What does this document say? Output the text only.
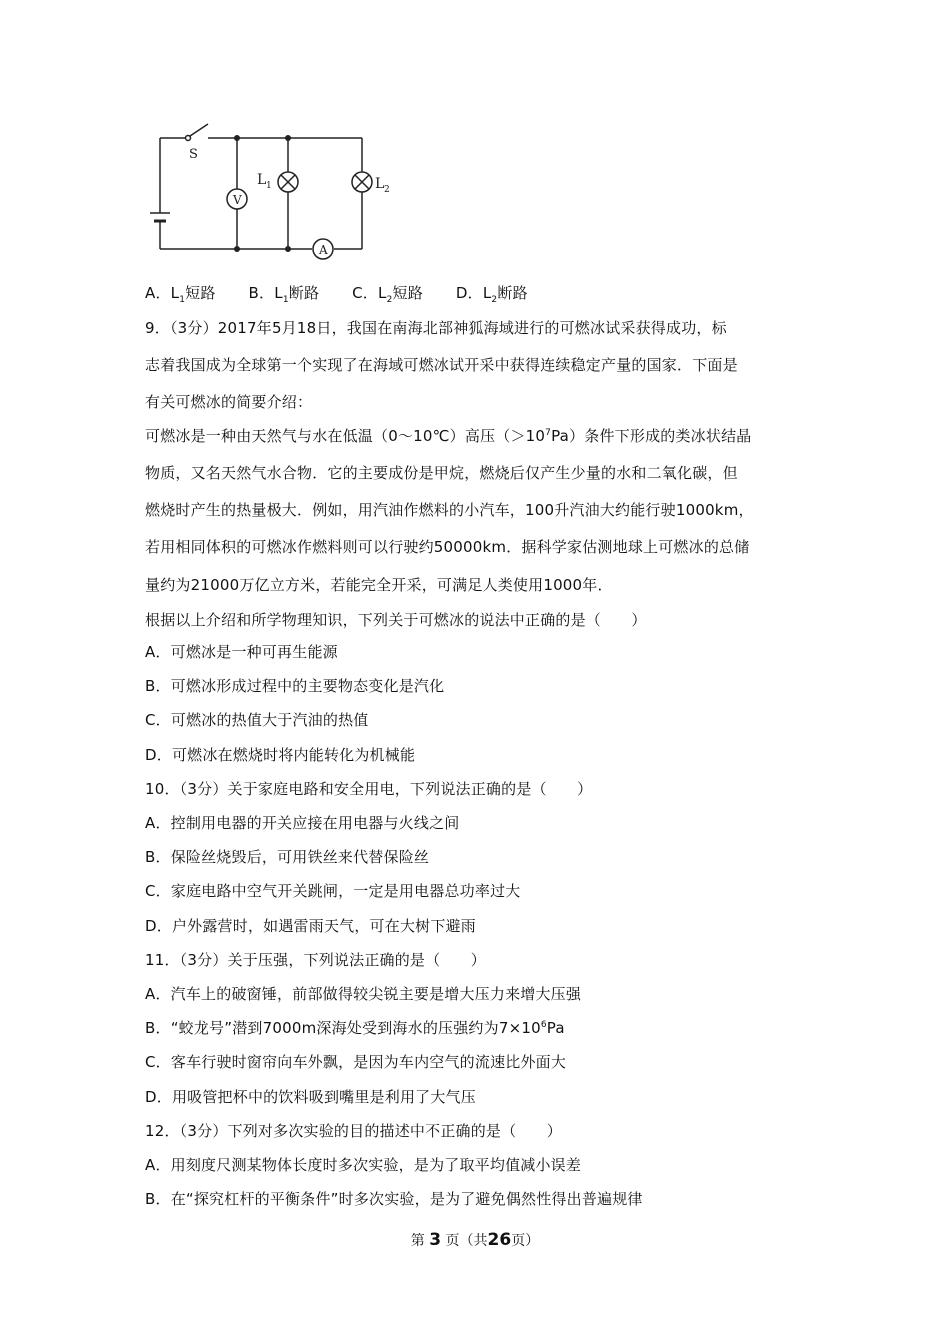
S
V
A
L 1	L 2
A．$L_1$短路 B．$L_1$断路 C．$L_2$短路 D．$L_2$断路
9．（3分）2017年5月18日，我国在南海北部神狐海域进行的可燃冰试采获得成功，标
志着我国成为全球第一个实现了在海域可燃冰试开采中获得连续稳定产量的国家．下面是
有关可燃冰的简要介绍：
可燃冰是一种由天然气与水在低温（0～10℃）高压$(>10^7Pa)$条件下形成的类冰状结晶
物质，又名天然气水合物．它的主要成份是甲烷，燃烧后仅产生少量的水和二氧化碳，但
燃烧时产生的热量极大．例如，用汽油作燃料的小汽车，100升汽油大约能行驶1000km，
若用相同体积的可燃冰作燃料则可以行驶约50000km．据科学家估测地球上可燃冰的总储
量约为21000万亿立方米，若能完全开采，可满足人类使用1000年．
根据以上介绍和所学物理知识，下列关于可燃冰的说法中正确的是（　　）
A．可燃冰是一种可再生能源
B．可燃冰形成过程中的主要物态变化是汽化
C．可燃冰的热值大于汽油的热值
D．可燃冰在燃烧时将内能转化为机械能
10．（3分）关于家庭电路和安全用电，下列说法正确的是（　　）
A．控制用电器的开关应接在用电器与火线之间
B．保险丝烧毁后，可用铁丝来代替保险丝
C．家庭电路中空气开关跳闸，一定是用电器总功率过大
D．户外露营时，如遇雷雨天气，可在大树下避雨
11．（3分）关于压强，下列说法正确的是（　　）
A．汽车上的破窗锤，前部做得较尖锐主要是增大压力来增大压强
B．“蛟龙号”潜到7000m深海处受到海水的压强约为$7\times 10^6Pa$
C．客车行驶时窗帘向车外飘，是因为车内空气的流速比外面大
D．用吸管把杯中的饮料吸到嘴里是利用了大气压
12．（3分）下列对多次实验的目的描述中不正确的是（　　）
A．用刻度尺测某物体长度时多次实验，是为了取平均值减小误差
B．在“探究杠杆的平衡条件”时多次实验，是为了避免偶然性得出普遍规律
第 3 页（共26页）
